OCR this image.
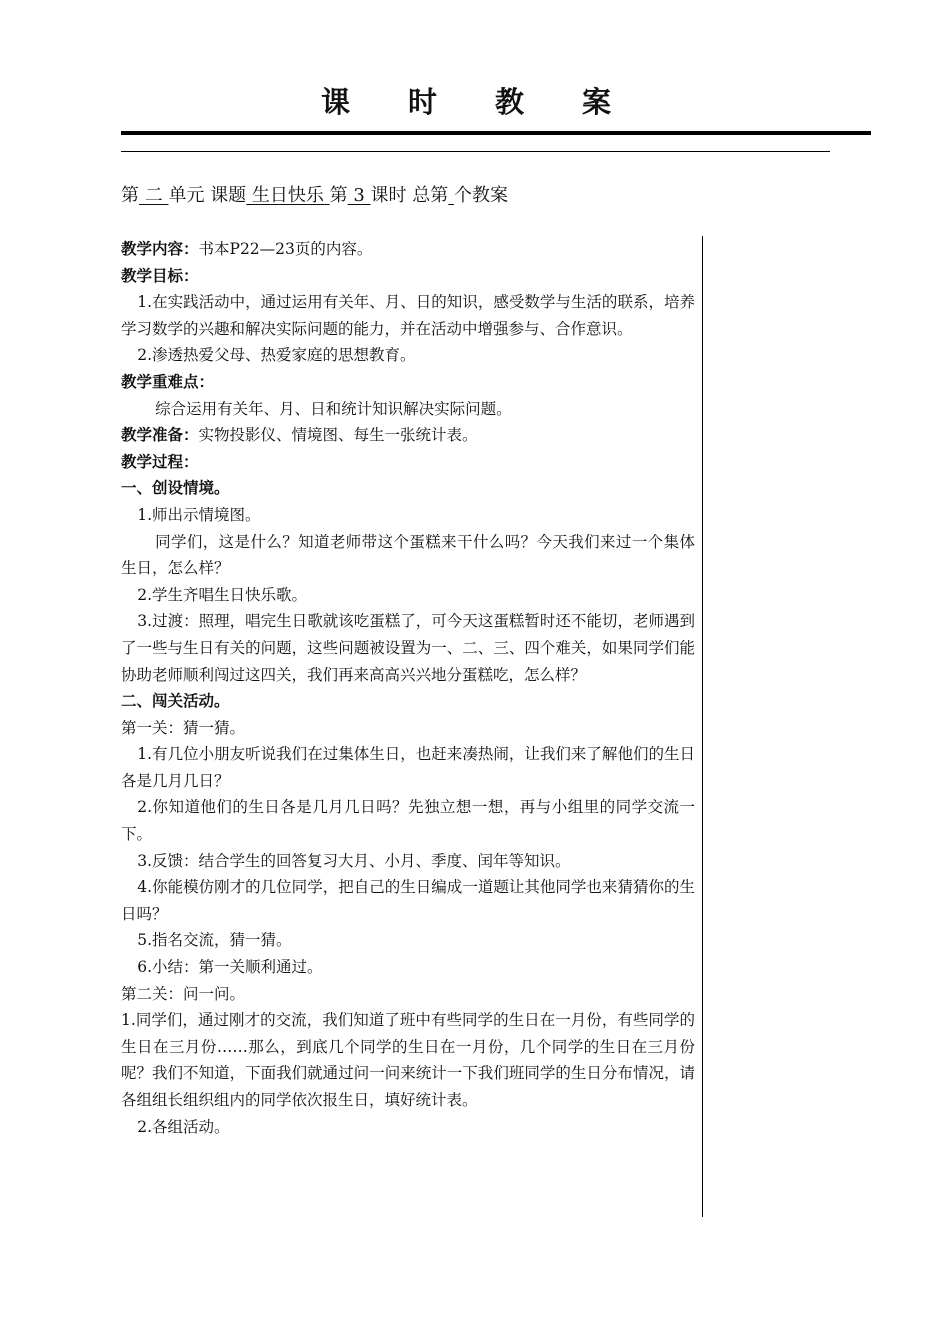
课时教案
第 二 单元 课题 生日快乐 第 3 课时 总第 个教案

教学内容：书本P22—23页的内容。

教学目标：

1.在实践活动中，通过运用有关年、月、日的知识，感受数学与生活的联系，培养学习数学的兴趣和解决实际问题的能力，并在活动中增强参与、合作意识。

2.渗透热爱父母、热爱家庭的思想教育。

教学重难点：

综合运用有关年、月、日和统计知识解决实际问题。

教学准备：实物投影仪、情境图、每生一张统计表。

教学过程：

一、创设情境。

1.师出示情境图。

同学们，这是什么？知道老师带这个蛋糕来干什么吗？今天我们来过一个集体生日，怎么样？

2.学生齐唱生日快乐歌。

3.过渡：照理，唱完生日歌就该吃蛋糕了，可今天这蛋糕暂时还不能切，老师遇到了一些与生日有关的问题，这些问题被设置为一、二、三、四个难关，如果同学们能协助老师顺利闯过这四关，我们再来高高兴兴地分蛋糕吃，怎么样？

二、闯关活动。

第一关：猜一猜。

1.有几位小朋友听说我们在过集体生日，也赶来凑热闹，让我们来了解他们的生日各是几月几日？

2.你知道他们的生日各是几月几日吗？先独立想一想，再与小组里的同学交流一下。

3.反馈：结合学生的回答复习大月、小月、季度、闰年等知识。

4.你能模仿刚才的几位同学，把自己的生日编成一道题让其他同学也来猜猜你的生日吗？

5.指名交流，猜一猜。

6.小结：第一关顺利通过。

第二关：问一问。

1.同学们，通过刚才的交流，我们知道了班中有些同学的生日在一月份，有些同学的生日在三月份……那么，到底几个同学的生日在一月份，几个同学的生日在三月份呢？我们不知道，下面我们就通过问一问来统计一下我们班同学的生日分布情况，请各组组长组织组内的同学依次报生日，填好统计表。

2.各组活动。
